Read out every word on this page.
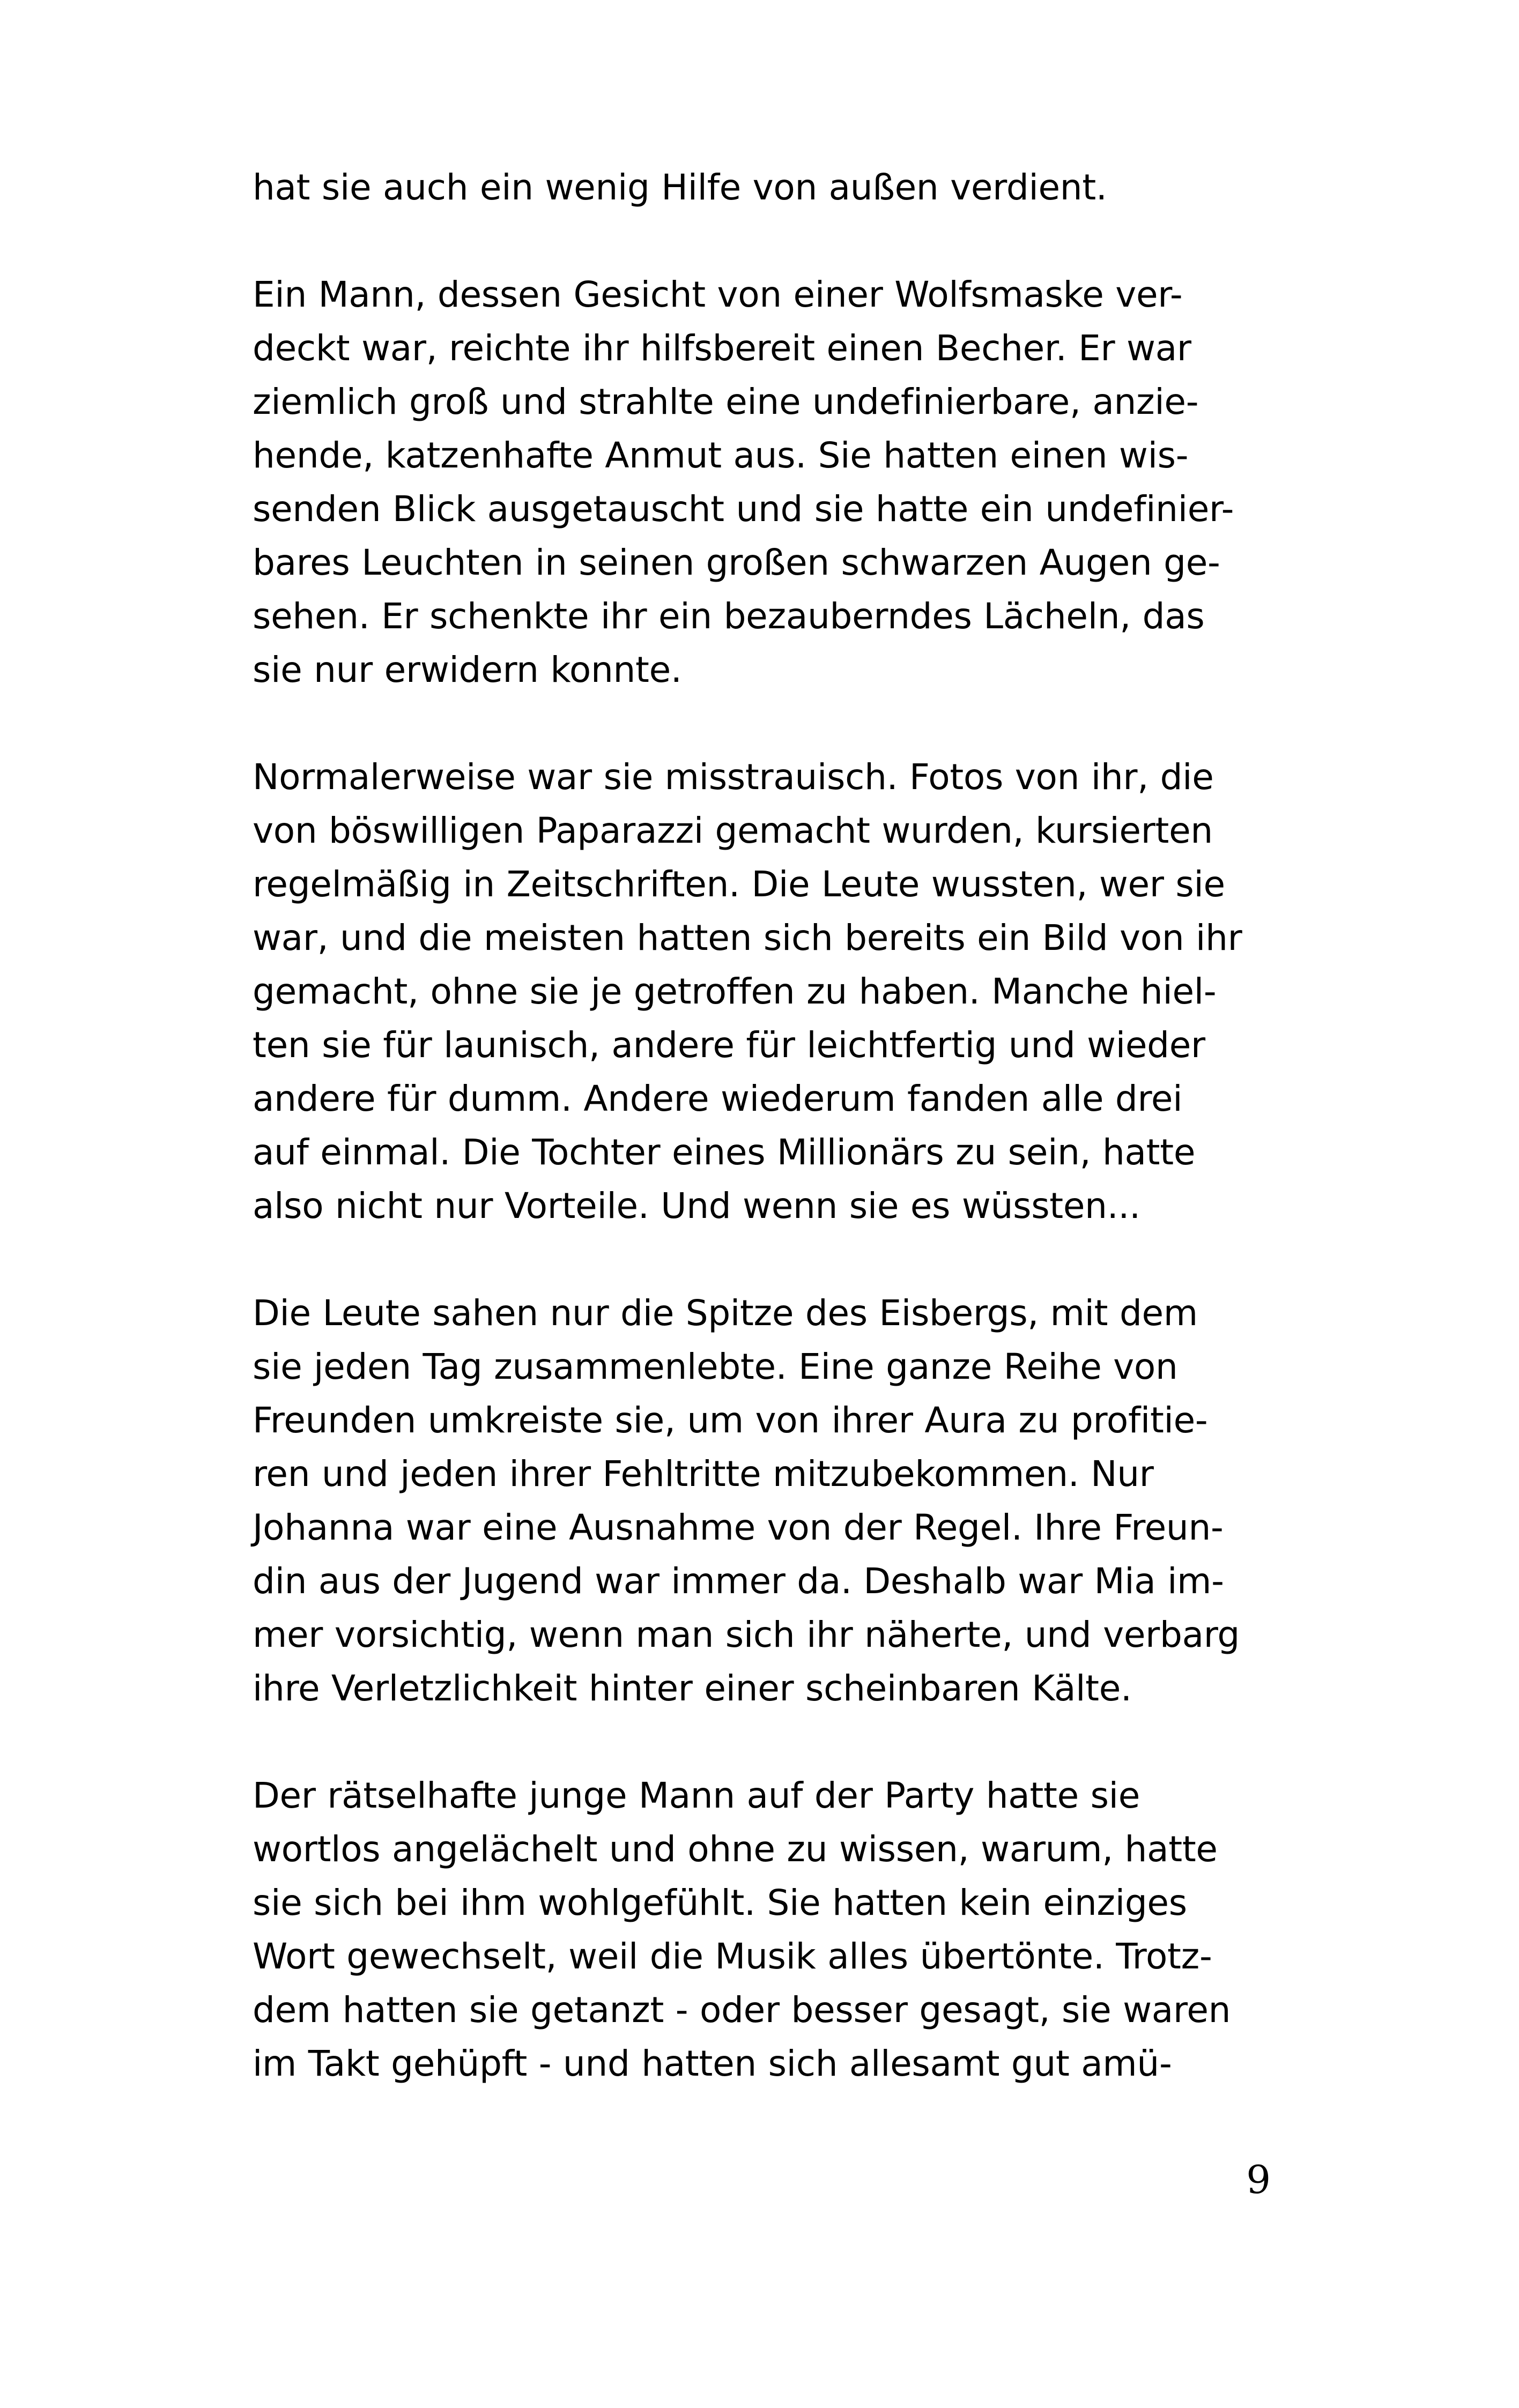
hat sie auch ein wenig Hilfe von außen verdient.

Ein Mann, dessen Gesicht von einer Wolfsmaske ver-
deckt war, reichte ihr hilfsbereit einen Becher. Er war
ziemlich groß und strahlte eine undefinierbare, anzie-
hende, katzenhafte Anmut aus. Sie hatten einen wis-
senden Blick ausgetauscht und sie hatte ein undefinier-
bares Leuchten in seinen großen schwarzen Augen ge-
sehen. Er schenkte ihr ein bezauberndes Lächeln, das
sie nur erwidern konnte.

Normalerweise war sie misstrauisch. Fotos von ihr, die
von böswilligen Paparazzi gemacht wurden, kursierten
regelmäßig in Zeitschriften. Die Leute wussten, wer sie
war, und die meisten hatten sich bereits ein Bild von ihr
gemacht, ohne sie je getroffen zu haben. Manche hiel-
ten sie für launisch, andere für leichtfertig und wieder
andere für dumm. Andere wiederum fanden alle drei
auf einmal. Die Tochter eines Millionärs zu sein, hatte
also nicht nur Vorteile. Und wenn sie es wüssten...

Die Leute sahen nur die Spitze des Eisbergs, mit dem
sie jeden Tag zusammenlebte. Eine ganze Reihe von
Freunden umkreiste sie, um von ihrer Aura zu profitie-
ren und jeden ihrer Fehltritte mitzubekommen. Nur
Johanna war eine Ausnahme von der Regel. Ihre Freun-
din aus der Jugend war immer da. Deshalb war Mia im-
mer vorsichtig, wenn man sich ihr näherte, und verbarg
ihre Verletzlichkeit hinter einer scheinbaren Kälte.

Der rätselhafte junge Mann auf der Party hatte sie
wortlos angelächelt und ohne zu wissen, warum, hatte
sie sich bei ihm wohlgefühlt. Sie hatten kein einziges
Wort gewechselt, weil die Musik alles übertönte. Trotz-
dem hatten sie getanzt - oder besser gesagt, sie waren
im Takt gehüpft - und hatten sich allesamt gut amü-

9
